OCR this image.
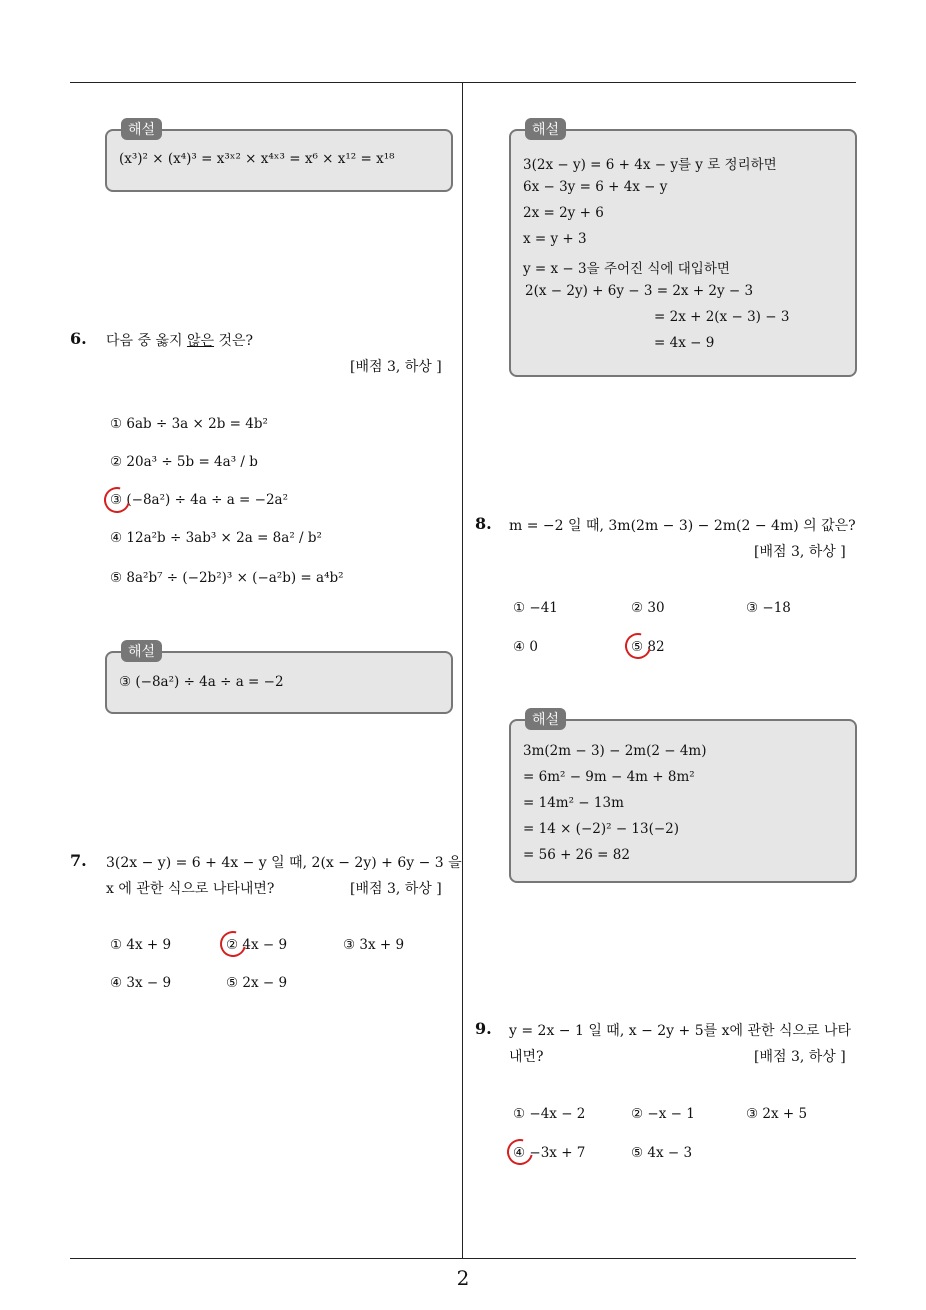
해설
(x³)² × (x⁴)³ = x³ˣ² × x⁴ˣ³ = x⁶ × x¹² = x¹⁸
6. 다음 중 옳지 않은 것은?
[배점 3, 하상 ]
① 6ab ÷ 3a × 2b = 4b²
② 20a³ ÷ 5b = 4a³ / b
③ (−8a²) ÷ 4a ÷ a = −2a²
④ 12a²b ÷ 3ab³ × 2a = 8a² / b²
⑤ 8a²b⁷ ÷ (−2b²)³ × (−a²b) = a⁴b²
해설
③ (−8a²) ÷ 4a ÷ a = −2
7. 3(2x − y) = 6 + 4x − y 일 때, 2(x − 2y) + 6y − 3 을
x 에 관한 식으로 나타내면?	[배점 3, 하상 ]
① 4x + 9	② 4x − 9	③ 3x + 9
④ 3x − 9	⑤ 2x − 9
해설
3(2x − y) = 6 + 4x − y를 y 로 정리하면
6x − 3y = 6 + 4x − y
2x = 2y + 6
x = y + 3
y = x − 3을 주어진 식에 대입하면
2(x − 2y) + 6y − 3 = 2x + 2y − 3
= 2x + 2(x − 3) − 3
= 4x − 9
8. m = −2 일 때, 3m(2m − 3) − 2m(2 − 4m) 의 값은?
[배점 3, 하상 ]
① −41	② 30	③ −18
④ 0	⑤ 82
해설
3m(2m − 3) − 2m(2 − 4m)
= 6m² − 9m − 4m + 8m²
= 14m² − 13m
= 14 × (−2)² − 13(−2)
= 56 + 26 = 82
9. y = 2x − 1 일 때, x − 2y + 5를 x에 관한 식으로 나타
내면?	[배점 3, 하상 ]
① −4x − 2	② −x − 1	③ 2x + 5
④ −3x + 7	⑤ 4x − 3
2
